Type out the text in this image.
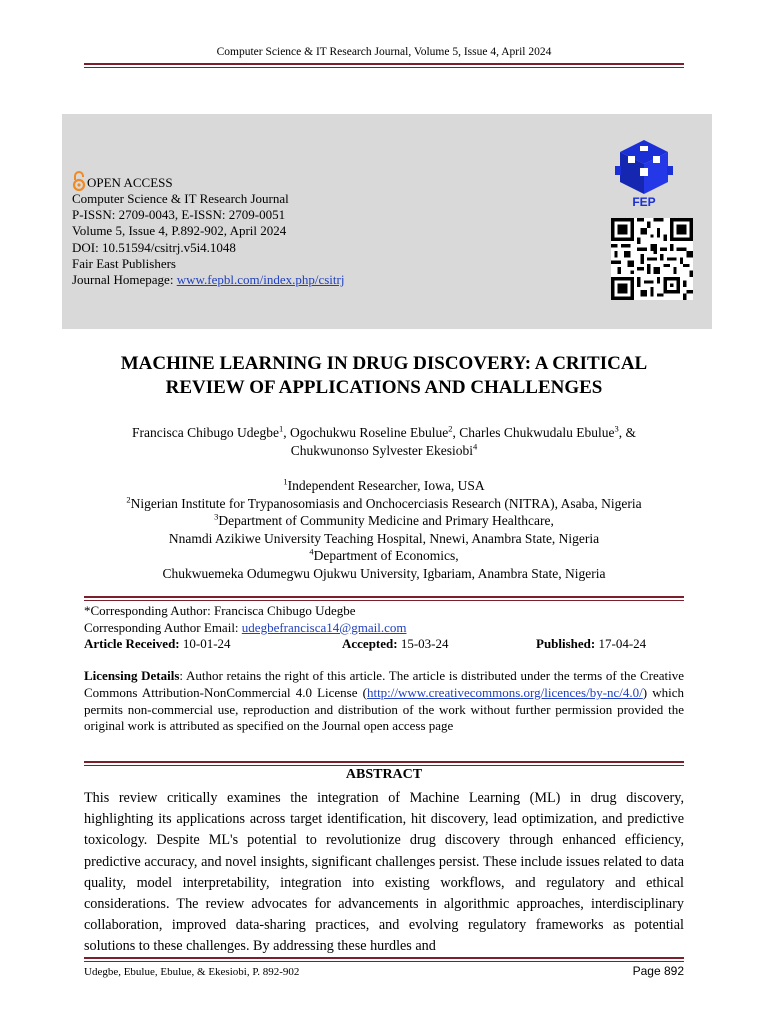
Computer Science & IT Research Journal, Volume 5, Issue 4, April 2024
OPEN ACCESS
Computer Science & IT Research Journal
P-ISSN: 2709-0043, E-ISSN: 2709-0051
Volume 5, Issue 4, P.892-902, April 2024
DOI: 10.51594/csitrj.v5i4.1048
Fair East Publishers
Journal Homepage: www.fepbl.com/index.php/csitrj
FEP
MACHINE LEARNING IN DRUG DISCOVERY: A CRITICAL
REVIEW OF APPLICATIONS AND CHALLENGES
Francisca Chibugo Udegbe$^1$, Ogochukwu Roseline Ebulue$^2$, Charles Chukwudalu Ebulue$^3$, &
Chukwunonso Sylvester Ekesiobi$^4$
$^1$Independent Researcher, Iowa, USA
$^2$Nigerian Institute for Trypanosomiasis and Onchocerciasis Research (NITRA), Asaba, Nigeria
$^3$Department of Community Medicine and Primary Healthcare,
Nnamdi Azikiwe University Teaching Hospital, Nnewi, Anambra State, Nigeria
$^4$Department of Economics,
Chukwuemeka Odumegwu Ojukwu University, Igbariam, Anambra State, Nigeria
*Corresponding Author: Francisca Chibugo Udegbe
Corresponding Author Email: udegbefrancisca14@gmail.com
Article Received: 10-01-24	Accepted: 15-03-24	Published: 17-04-24
Licensing Details: Author retains the right of this article. The article is distributed under the terms of the Creative Commons Attribution-NonCommercial 4.0 License (http://www.creativecommons.org/licences/by-nc/4.0/) which permits non-commercial use, reproduction and distribution of the work without further permission provided the original work is attributed as specified on the Journal open access page
ABSTRACT
This review critically examines the integration of Machine Learning (ML) in drug discovery, highlighting its applications across target identification, hit discovery, lead optimization, and predictive toxicology. Despite ML's potential to revolutionize drug discovery through enhanced efficiency, predictive accuracy, and novel insights, significant challenges persist. These include issues related to data quality, model interpretability, integration into existing workflows, and regulatory and ethical considerations. The review advocates for advancements in algorithmic approaches, interdisciplinary collaboration, improved data-sharing practices, and evolving regulatory frameworks as potential solutions to these challenges. By addressing these hurdles and
Udegbe, Ebulue, Ebulue, & Ekesiobi, P. 892-902	Page 892
